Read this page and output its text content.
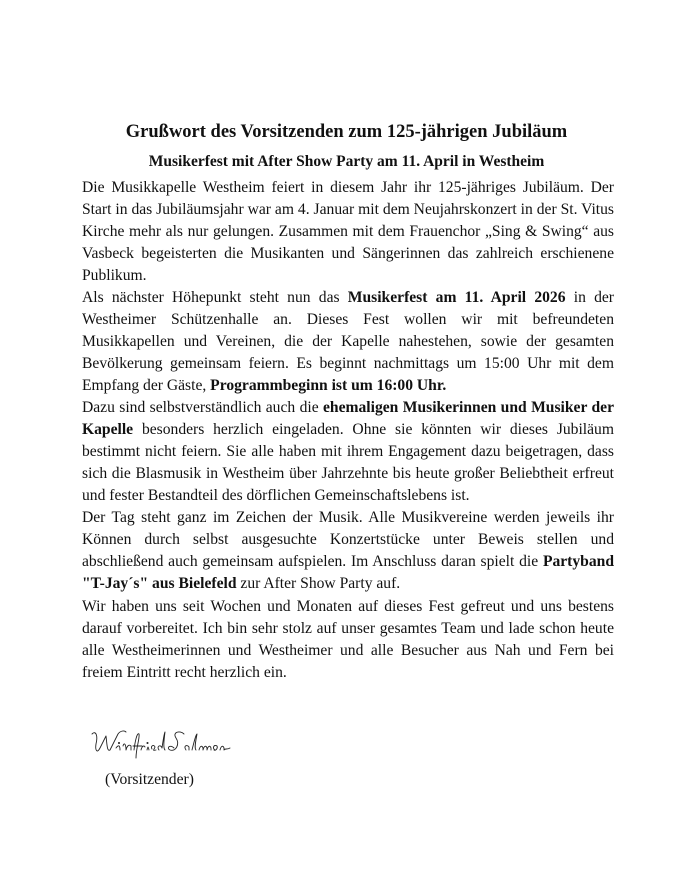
Grußwort des Vorsitzenden zum 125-jährigen Jubiläum
Musikerfest mit After Show Party am 11. April in Westheim

Die Musikkapelle Westheim feiert in diesem Jahr ihr 125-jähriges Jubiläum. Der Start in das Jubiläumsjahr war am 4. Januar mit dem Neujahrskonzert in der St. Vitus Kirche mehr als nur gelungen. Zusammen mit dem Frauenchor „Sing & Swing“ aus Vasbeck begeisterten die Musikanten und Sängerinnen das zahlreich erschienene Publikum.

Als nächster Höhepunkt steht nun das Musikerfest am 11. April 2026 in der Westheimer Schützenhalle an. Dieses Fest wollen wir mit befreundeten Musikkapellen und Vereinen, die der Kapelle nahestehen, sowie der gesamten Bevölkerung gemeinsam feiern. Es beginnt nachmittags um 15:00 Uhr mit dem Empfang der Gäste, Programmbeginn ist um 16:00 Uhr.

Dazu sind selbstverständlich auch die ehemaligen Musikerinnen und Musiker der Kapelle besonders herzlich eingeladen. Ohne sie könnten wir dieses Jubiläum bestimmt nicht feiern. Sie alle haben mit ihrem Engagement dazu beigetragen, dass sich die Blasmusik in Westheim über Jahrzehnte bis heute großer Beliebtheit erfreut und fester Bestandteil des dörflichen Gemeinschaftslebens ist.

Der Tag steht ganz im Zeichen der Musik. Alle Musikvereine werden jeweils ihr Können durch selbst ausgesuchte Konzertstücke unter Beweis stellen und abschließend auch gemeinsam aufspielen. Im Anschluss daran spielt die Partyband  "T-Jay´s" aus Bielefeld zur After Show Party auf.

Wir haben uns seit Wochen und Monaten auf dieses Fest gefreut und uns bestens darauf vorbereitet. Ich bin sehr stolz auf unser gesamtes Team und lade schon heute alle Westheimerinnen und Westheimer und alle Besucher aus Nah und Fern bei freiem Eintritt recht herzlich ein.

(Vorsitzender)
